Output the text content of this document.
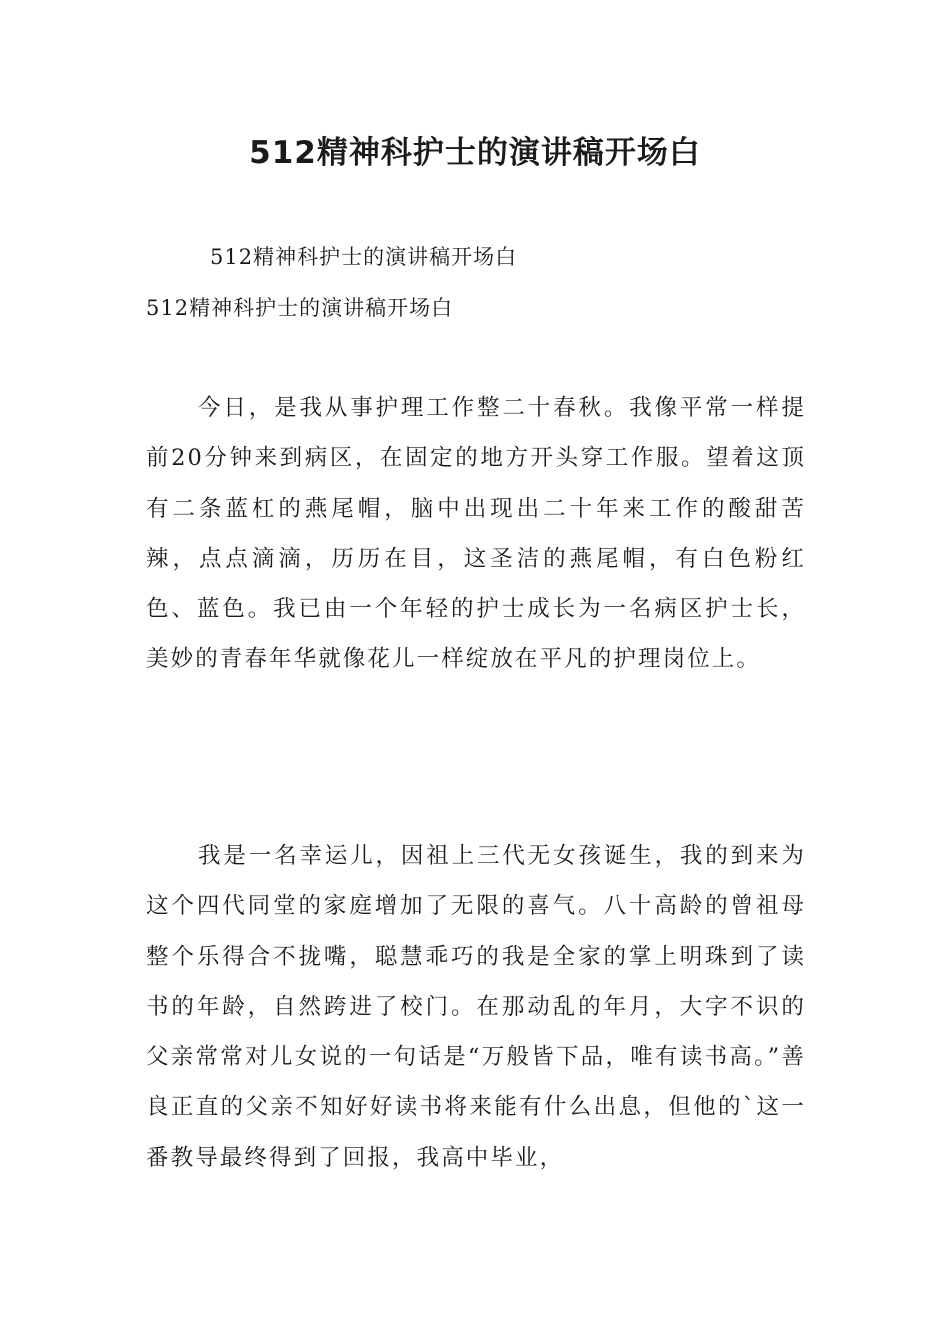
512精神科护士的演讲稿开场白
512精神科护士的演讲稿开场白
512精神科护士的演讲稿开场白

今日，是我从事护理工作整二十春秋。我像平常一样提前20分钟来到病区，在固定的地方开头穿工作服。望着这顶有二条蓝杠的燕尾帽，脑中出现出二十年来工作的酸甜苦辣，点点滴滴，历历在目，这圣洁的燕尾帽，有白色粉红色、蓝色。我已由一个年轻的护士成长为一名病区护士长，美妙的青春年华就像花儿一样绽放在平凡的护理岗位上。

我是一名幸运儿，因祖上三代无女孩诞生，我的到来为这个四代同堂的家庭增加了无限的喜气。八十高龄的曾祖母整个乐得合不拢嘴，聪慧乖巧的我是全家的掌上明珠到了读书的年龄，自然跨进了校门。在那动乱的年月，大字不识的父亲常常对儿女说的一句话是“万般皆下品，唯有读书高。”善良正直的父亲不知好好读书将来能有什么出息，但他的`这一番教导最终得到了回报，我高中毕业，
